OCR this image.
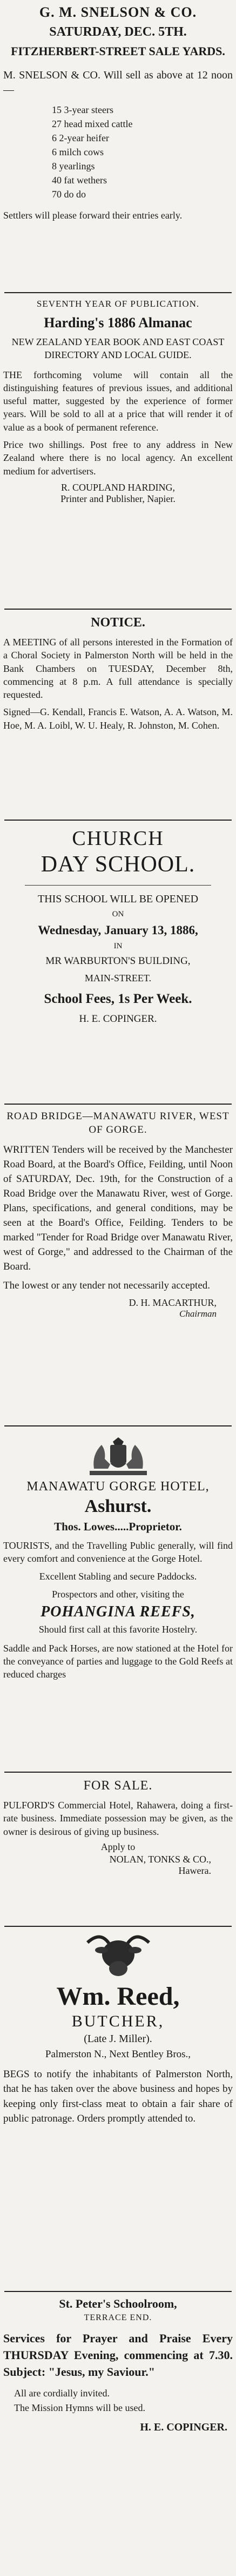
G. M. SNELSON & CO.
SATURDAY, DEC. 5TH.
FITZHERBERT-STREET SALE YARDS.

M. SNELSON & CO. Will sell as above at 12 noon—

15 3-year steers
27 head mixed cattle
6 2-year heifer
6 milch cows
8 yearlings
40 fat wethers
70 do do

Settlers will please forward their entries early.

SEVENTH YEAR OF PUBLICATION.
Harding's 1886 Almanac
NEW ZEALAND YEAR BOOK AND EAST COAST DIRECTORY AND LOCAL GUIDE.

THE forthcoming volume will contain all the distinguishing features of previous issues, and additional useful matter, suggested by the experience of former years. Will be sold to all at a price that will render it of value as a book of permanent reference.

Price two shillings. Post free to any address in New Zealand where there is no local agency. An excellent medium for advertisers.

R. COUPLAND HARDING,
Printer and Publisher, Napier.
NOTICE.

A MEETING of all persons interested in the Formation of a Choral Society in Palmerston North will be held in the Bank Chambers on TUESDAY, December 8th, commencing at 8 p.m. A full attendance is specially requested.

Signed—G. Kendall, Francis E. Watson, A. A. Watson, M. Hoe, M. A. Loibl, W. U. Healy, R. Johnston, M. Cohen.

CHURCH
DAY SCHOOL.
THIS SCHOOL WILL BE OPENED
ON
Wednesday, January 13, 1886,
IN
MR WARBURTON'S BUILDING,
MAIN-STREET.
School Fees, 1s Per Week.
H. E. COPINGER.
ROAD BRIDGE—MANAWATU RIVER, WEST OF GORGE.

WRITTEN Tenders will be received by the Manchester Road Board, at the Board's Office, Feilding, until Noon of SATURDAY, Dec. 19th, for the Construction of a Road Bridge over the Manawatu River, west of Gorge. Plans, specifications, and general conditions, may be seen at the Board's Office, Feilding. Tenders to be marked "Tender for Road Bridge over Manawatu River, west of Gorge," and addressed to the Chairman of the Board.

The lowest or any tender not necessarily accepted.

D. H. MACARTHUR,
Chairman
MANAWATU GORGE HOTEL,
Ashurst.
Thos. Lowes.....Proprietor.

TOURISTS, and the Travelling Public generally, will find every comfort and convenience at the Gorge Hotel.

Excellent Stabling and secure Paddocks.
Prospectors and other, visiting the
POHANGINA REEFS,
Should first call at this favorite Hostelry.

Saddle and Pack Horses, are now stationed at the Hotel for the conveyance of parties and luggage to the Gold Reefs at reduced charges

FOR SALE.

PULFORD'S Commercial Hotel, Rahawera, doing a first-rate business. Immediate possession may be given, as the owner is desirous of giving up business.

Apply to
NOLAN, TONKS & CO.,
Hawera.
Wm. Reed,
BUTCHER,
(Late J. Miller).
Palmerston N., Next Bentley Bros.,

BEGS to notify the inhabitants of Palmerston North, that he has taken over the above business and hopes by keeping only first-class meat to obtain a fair share of public patronage. Orders promptly attended to.

St. Peter's Schoolroom,
TERRACE END.

Services for Prayer and Praise Every THURSDAY Evening, commencing at 7.30. Subject: "Jesus, my Saviour."

All are cordially invited.
The Mission Hymns will be used.
H. E. COPINGER.
